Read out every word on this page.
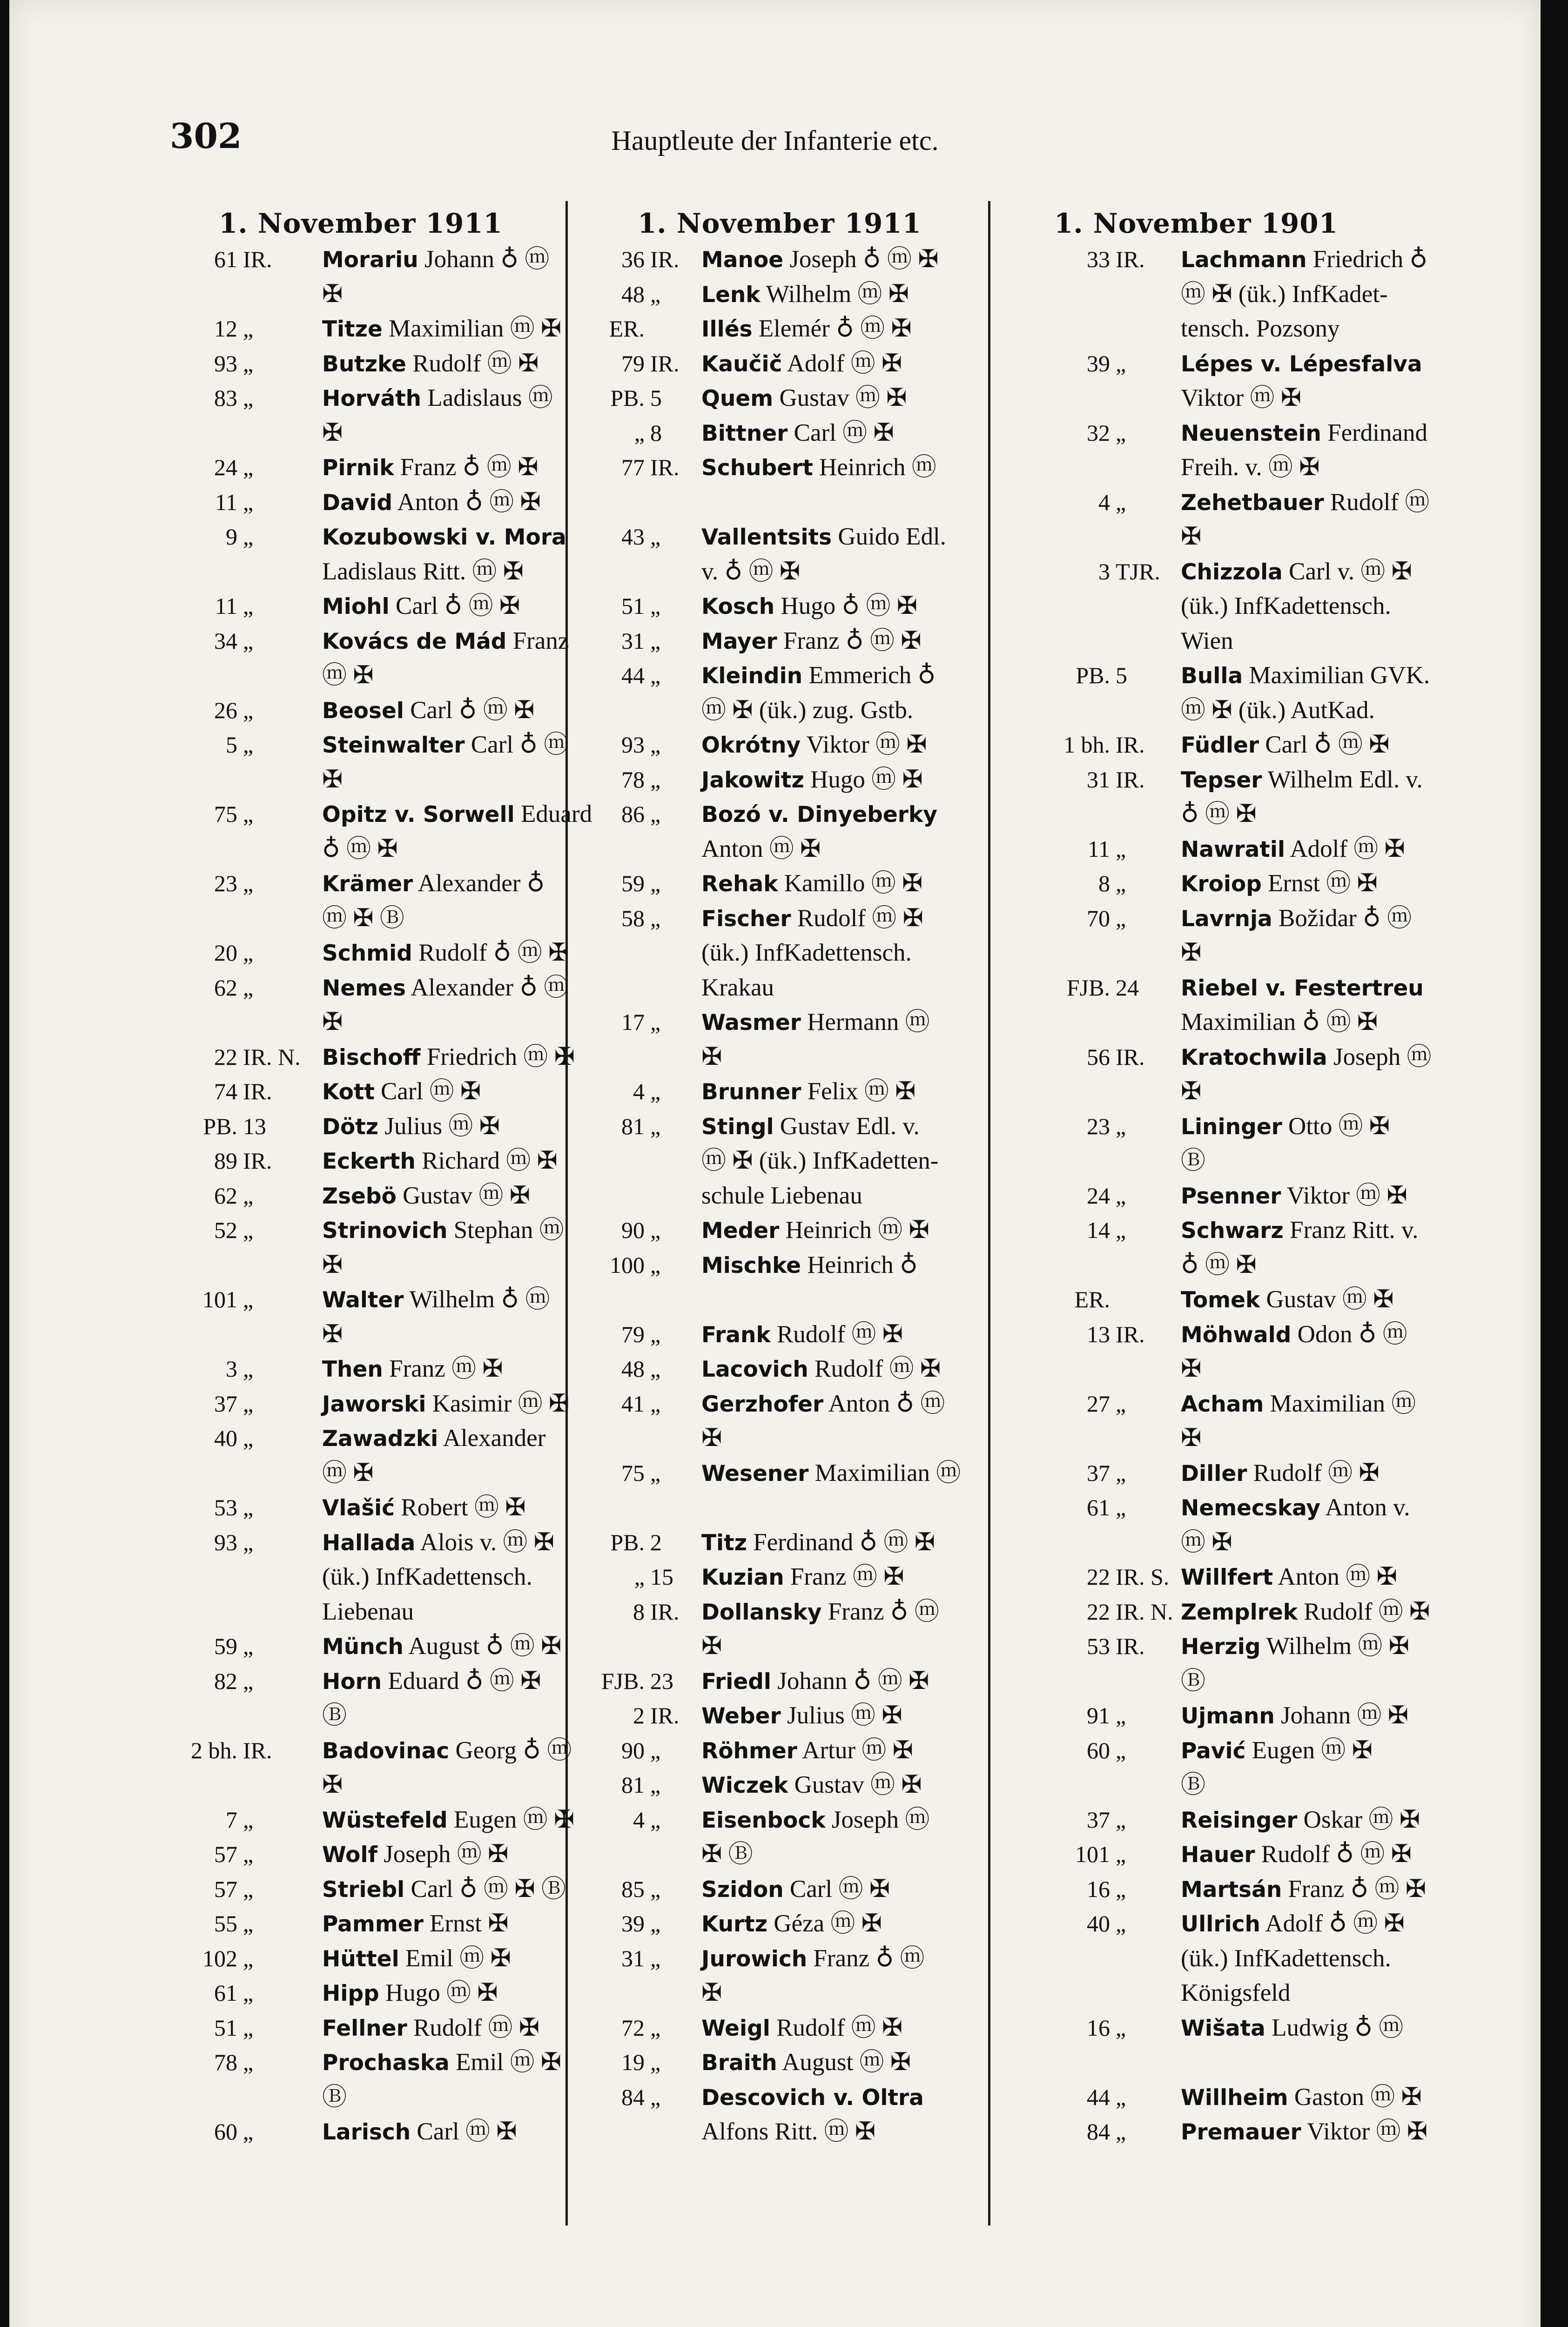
302	Hauptleute der Infanterie etc.
1. November 1911
61 IR.	Morariu Johann ♁ ⓜ
✠
12 „	Titze Maximilian ⓜ ✠
93 „	Butzke Rudolf ⓜ ✠
83 „	Horváth Ladislaus ⓜ
✠
24 „	Pirnik Franz ♁ ⓜ ✠
11 „	David Anton ♁ ⓜ ✠
9 „	Kozubowski v. Mora
Ladislaus Ritt. ⓜ ✠
11 „	Miohl Carl ♁ ⓜ ✠
34 „	Kovács de Mád Franz
ⓜ ✠
26 „	Beosel Carl ♁ ⓜ ✠
5 „	Steinwalter Carl ♁ ⓜ
✠
75 „	Opitz v. Sorwell Eduard
♁ ⓜ ✠
23 „	Krämer Alexander ♁
ⓜ ✠ Ⓑ
20 „	Schmid Rudolf ♁ ⓜ ✠
62 „	Nemes Alexander ♁ ⓜ
✠
22 IR. N. Bischoff Friedrich ⓜ ✠
74 IR.	Kott Carl ⓜ ✠
PB. 13	Dötz Julius ⓜ ✠
89 IR.	Eckerth Richard ⓜ ✠
62 „	Zsebö Gustav ⓜ ✠
52 „	Strinovich Stephan ⓜ
✠
101 „	Walter Wilhelm ♁ ⓜ
✠
3 „	Then Franz ⓜ ✠
37 „	Jaworski Kasimir ⓜ ✠
40 „	Zawadzki Alexander
ⓜ ✠
53 „	Vlašić Robert ⓜ ✠
93 „	Hallada Alois v. ⓜ ✠
(ük.) InfKadettensch.
Liebenau
59 „	Münch August ♁ ⓜ ✠
82 „	Horn Eduard ♁ ⓜ ✠
Ⓑ
2 bh. IR.	Badovinac Georg ♁ ⓜ
✠
7 „	Wüstefeld Eugen ⓜ ✠
57 „	Wolf Joseph ⓜ ✠
57 „	Striebl Carl ♁ ⓜ ✠ Ⓑ
55 „	Pammer Ernst ✠
102 „	Hüttel Emil ⓜ ✠
61 „	Hipp Hugo ⓜ ✠
51 „	Fellner Rudolf ⓜ ✠
78 „	Prochaska Emil ⓜ ✠
Ⓑ
60 „	Larisch Carl ⓜ ✠
1. November 1911
36 IR.	Manoe Joseph ♁ ⓜ ✠
48 „	Lenk Wilhelm ⓜ ✠
ER.	Illés Elemér ♁ ⓜ ✠
79 IR.	Kaučič Adolf ⓜ ✠
PB. 5	Quem Gustav ⓜ ✠
„ 8	Bittner Carl ⓜ ✠
77 IR.	Schubert Heinrich ⓜ
43 „	Vallentsits Guido Edl.
v. ♁ ⓜ ✠
51 „	Kosch Hugo ♁ ⓜ ✠
31 „	Mayer Franz ♁ ⓜ ✠
44 „	Kleindin Emmerich ♁
ⓜ ✠ (ük.) zug. Gstb.
93 „	Okrótny Viktor ⓜ ✠
78 „	Jakowitz Hugo ⓜ ✠
86 „	Bozó v. Dinyeberky
Anton ⓜ ✠
59 „	Rehak Kamillo ⓜ ✠
58 „	Fischer Rudolf ⓜ ✠
(ük.) InfKadettensch.
Krakau
17 „	Wasmer Hermann ⓜ
✠
4 „	Brunner Felix ⓜ ✠
81 „	Stingl Gustav Edl. v.
ⓜ ✠ (ük.) InfKadetten-
schule Liebenau
90 „	Meder Heinrich ⓜ ✠
100 „	Mischke Heinrich ♁
79 „	Frank Rudolf ⓜ ✠
48 „	Lacovich Rudolf ⓜ ✠
41 „	Gerzhofer Anton ♁ ⓜ
✠
75 „	Wesener Maximilian ⓜ
PB. 2	Titz Ferdinand ♁ ⓜ ✠
„ 15	Kuzian Franz ⓜ ✠
8 IR.	Dollansky Franz ♁ ⓜ
✠
FJB. 23	Friedl Johann ♁ ⓜ ✠
2 IR.	Weber Julius ⓜ ✠
90 „	Röhmer Artur ⓜ ✠
81 „	Wiczek Gustav ⓜ ✠
4 „	Eisenbock Joseph ⓜ
✠ Ⓑ
85 „	Szidon Carl ⓜ ✠
39 „	Kurtz Géza ⓜ ✠
31 „	Jurowich Franz ♁ ⓜ
✠
72 „	Weigl Rudolf ⓜ ✠
19 „	Braith August ⓜ ✠
84 „	Descovich v. Oltra
Alfons Ritt. ⓜ ✠
1. November 1901
33 IR.	Lachmann Friedrich ♁
ⓜ ✠ (ük.) InfKadet-
tensch. Pozsony
39 „	Lépes v. Lépesfalva
Viktor ⓜ ✠
32 „	Neuenstein Ferdinand
Freih. v. ⓜ ✠
4 „	Zehetbauer Rudolf ⓜ
✠
3 TJR. Chizzola Carl v. ⓜ ✠
(ük.) InfKadettensch.
Wien
PB. 5	Bulla Maximilian GVK.
ⓜ ✠ (ük.) AutKad.
1 bh. IR.	Füdler Carl ♁ ⓜ ✠
31 IR.	Tepser Wilhelm Edl. v.
♁ ⓜ ✠
11 „	Nawratil Adolf ⓜ ✠
8 „	Kroiop Ernst ⓜ ✠
70 „	Lavrnja Božidar ♁ ⓜ
✠
FJB. 24	Riebel v. Festertreu
Maximilian ♁ ⓜ ✠
56 IR.	Kratochwila Joseph ⓜ
✠
23 „	Lininger Otto ⓜ ✠
Ⓑ
24 „	Psenner Viktor ⓜ ✠
14 „	Schwarz Franz Ritt. v.
♁ ⓜ ✠
ER.	Tomek Gustav ⓜ ✠
13 IR.	Möhwald Odon ♁ ⓜ
✠
27 „	Acham Maximilian ⓜ
✠
37 „	Diller Rudolf ⓜ ✠
61 „	Nemecskay Anton v.
ⓜ ✠
22 IR. S. Willfert Anton ⓜ ✠
22 IR. N. Zemplrek Rudolf ⓜ ✠
53 IR.	Herzig Wilhelm ⓜ ✠
Ⓑ
91 „	Ujmann Johann ⓜ ✠
60 „	Pavić Eugen ⓜ ✠
Ⓑ
37 „	Reisinger Oskar ⓜ ✠
101 „	Hauer Rudolf ♁ ⓜ ✠
16 „	Martsán Franz ♁ ⓜ ✠
40 „	Ullrich Adolf ♁ ⓜ ✠
(ük.) InfKadettensch.
Königsfeld
16 „	Wišata Ludwig ♁ ⓜ
44 „	Willheim Gaston ⓜ ✠
84 „	Premauer Viktor ⓜ ✠
